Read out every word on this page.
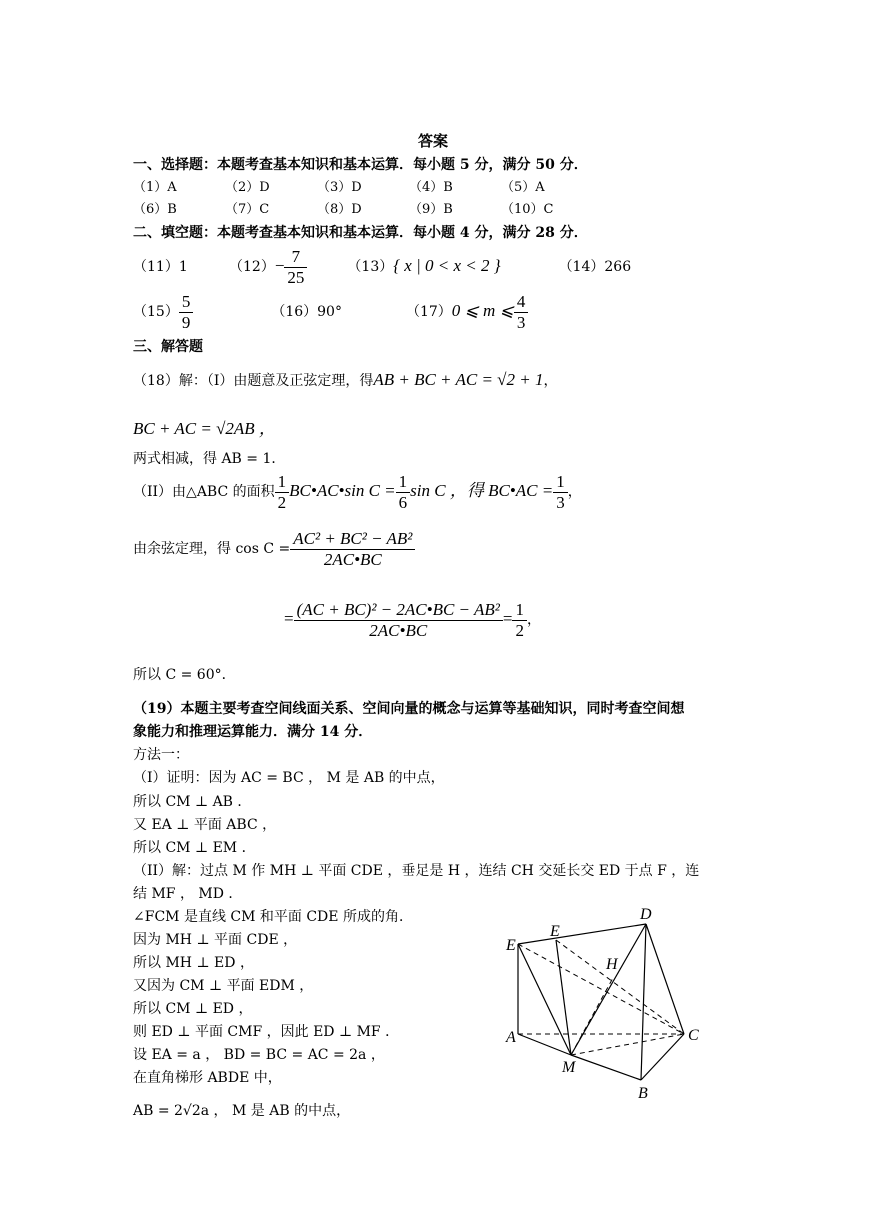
答案
一、选择题：本题考查基本知识和基本运算．每小题 5 分，满分 50 分．
（1）A	（2）D	（3）D	（4）B	（5）A
（6）B	（7）C	（8）D	（9）B	（10）C
二、填空题：本题考查基本知识和基本运算．每小题 4 分，满分 28 分．
（11）1	$(12)- \frac{7}{25}$	（13）{ x | 0 < x < 2 }	（14）266
$(15) \frac{5}{9}$	（16）90°	（17）0 ⩽ m ⩽ $\frac{4}{3}$
三、解答题
（18）解：（I）由题意及正弦定理，得AB + BC + AC = √2 + 1，
BC + AC = √2AB ，
两式相减，得 AB = 1．
（II）由△ABC 的面积 $\frac{1}{2}$ BC•AC•sin $C = \frac{1}{6}$ sin C ，得 BC•AC = $\frac{1}{3}$ ，
由余弦定理，得 $\cos C = \frac{\text{AC² + BC² − AB²}}{2AC•BC}$
= $\frac{\text{(AC + BC)² − 2AC•BC − AB²}}{2AC•BC} = \frac{1}{2}$ ，
所以 C = 60°．
（19）本题主要考查空间线面关系、空间向量的概念与运算等基础知识，同时考查空间想
象能力和推理运算能力．满分 14 分．
方法一：
（I）证明：因为 AC = BC ， M 是 AB 的中点，
所以 CM ⊥ AB ．
又 EA ⊥ 平面 ABC ，
所以 CM ⊥ EM ．
（II）解：过点 M 作 MH ⊥ 平面 CDE ，垂足是 H ，连结 CH 交延长交 ED 于点 F ，连
结 MF ， MD ．
∠FCM 是直线 CM 和平面 CDE 所成的角．
因为 MH ⊥ 平面 CDE ，
所以 MH ⊥ ED ，
又因为 CM ⊥ 平面 EDM ，
所以 CM ⊥ ED ，
则 ED ⊥ 平面 CMF ，因此 ED ⊥ MF ．
设 EA = a ， BD = BC = AC = 2a ，
在直角梯形 ABDE 中，
AB = 2√2a ， M 是 AB 的中点，
D
E
E
H
A	C
M
B
